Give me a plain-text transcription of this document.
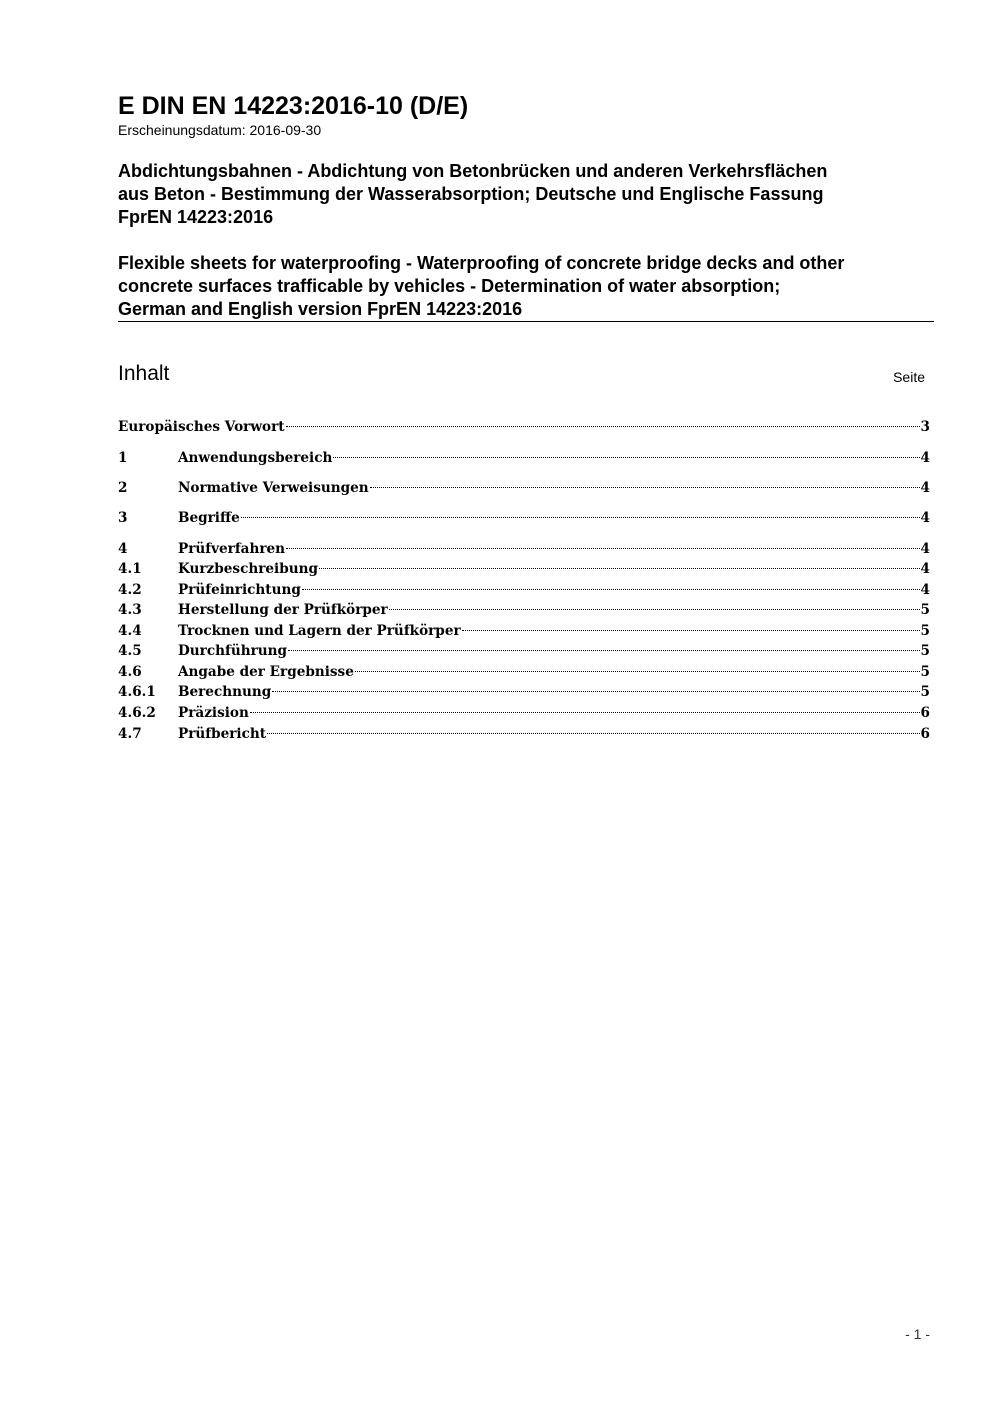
E DIN EN 14223:2016-10 (D/E)
Erscheinungsdatum: 2016-09-30
Abdichtungsbahnen - Abdichtung von Betonbrücken und anderen Verkehrsflächen
aus Beton - Bestimmung der Wasserabsorption; Deutsche und Englische Fassung
FprEN 14223:2016
Flexible sheets for waterproofing - Waterproofing of concrete bridge decks and other
concrete surfaces trafficable by vehicles - Determination of water absorption;
German and English version FprEN 14223:2016
Inhalt	Seite
Europäisches Vorwort	3
1	Anwendungsbereich	4
2	Normative Verweisungen	4
3	Begriffe	4
4	Prüfverfahren	4
4.1	Kurzbeschreibung	4
4.2	Prüfeinrichtung	4
4.3	Herstellung der Prüfkörper	5
4.4	Trocknen und Lagern der Prüfkörper	5
4.5	Durchführung	5
4.6	Angabe der Ergebnisse	5
4.6.1	Berechnung	5
4.6.2	Präzision	6
4.7	Prüfbericht	6
- 1 -
